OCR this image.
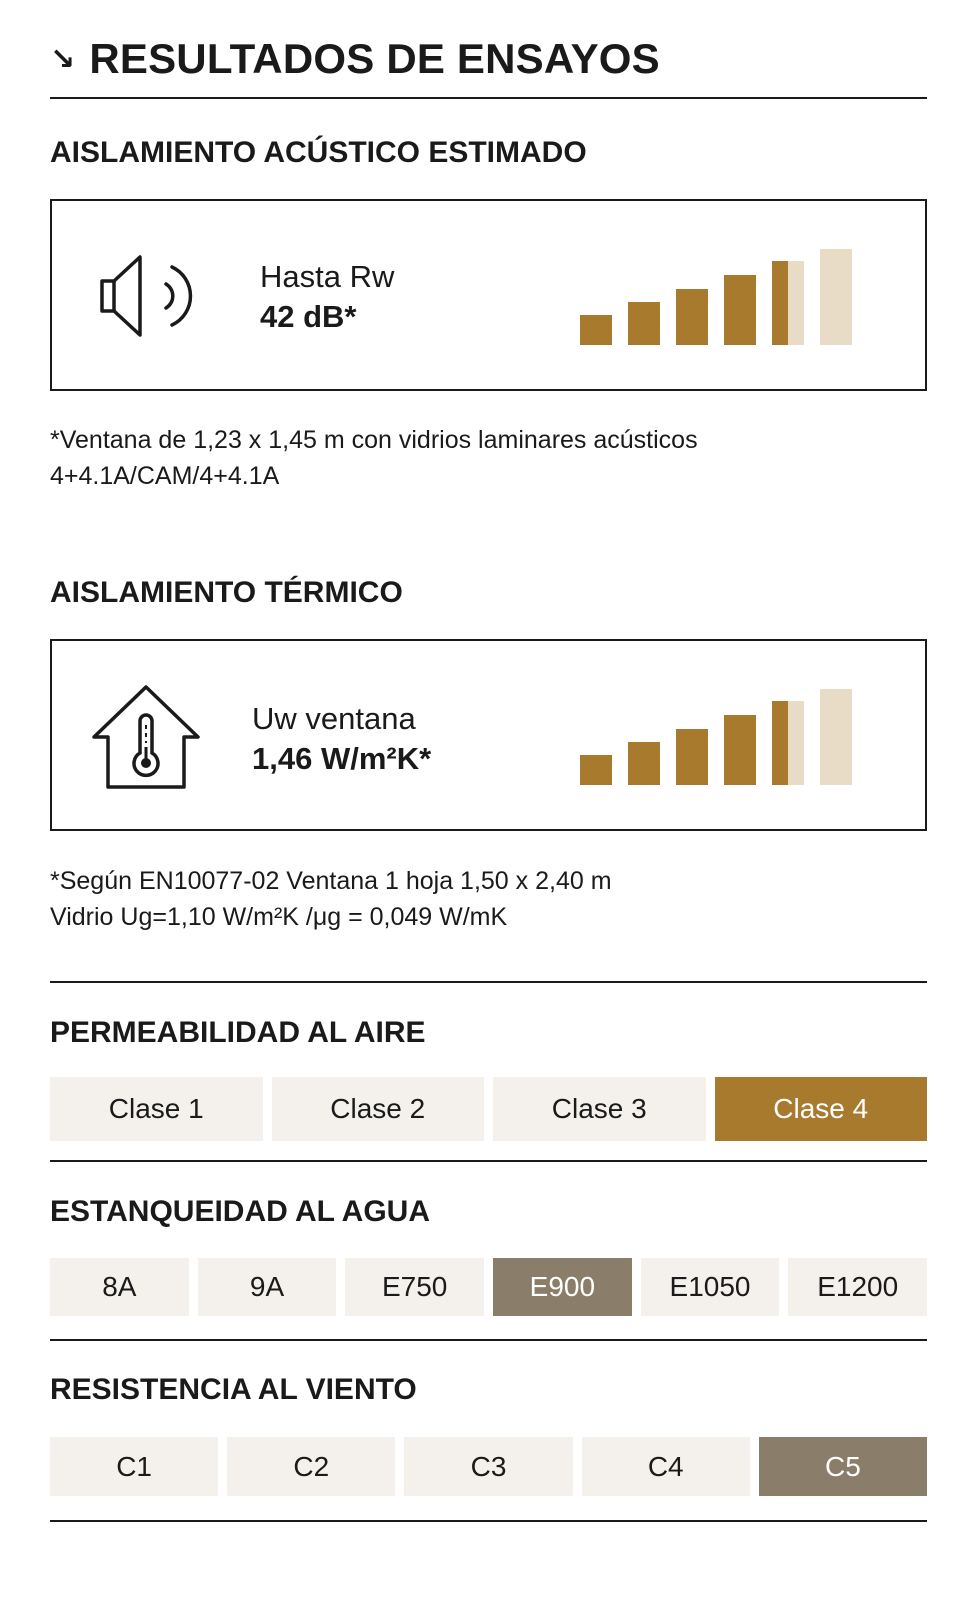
↘ RESULTADOS DE ENSAYOS
AISLAMIENTO ACÚSTICO ESTIMADO
Hasta Rw
42 dB*
*Ventana de 1,23 x 1,45 m con vidrios laminares acústicos
4+4.1A/CAM/4+4.1A
AISLAMIENTO TÉRMICO
Uw ventana
1,46 W/m²K*
*Según EN10077-02 Ventana 1 hoja 1,50 x 2,40 m
Vidrio Ug=1,10 W/m²K /μg = 0,049 W/mK
PERMEABILIDAD AL AIRE
Clase 1	Clase 2	Clase 3	Clase 4
ESTANQUEIDAD AL AGUA
8A	9A	E750	E900	E1050	E1200
RESISTENCIA AL VIENTO
C1	C2	C3	C4	C5
